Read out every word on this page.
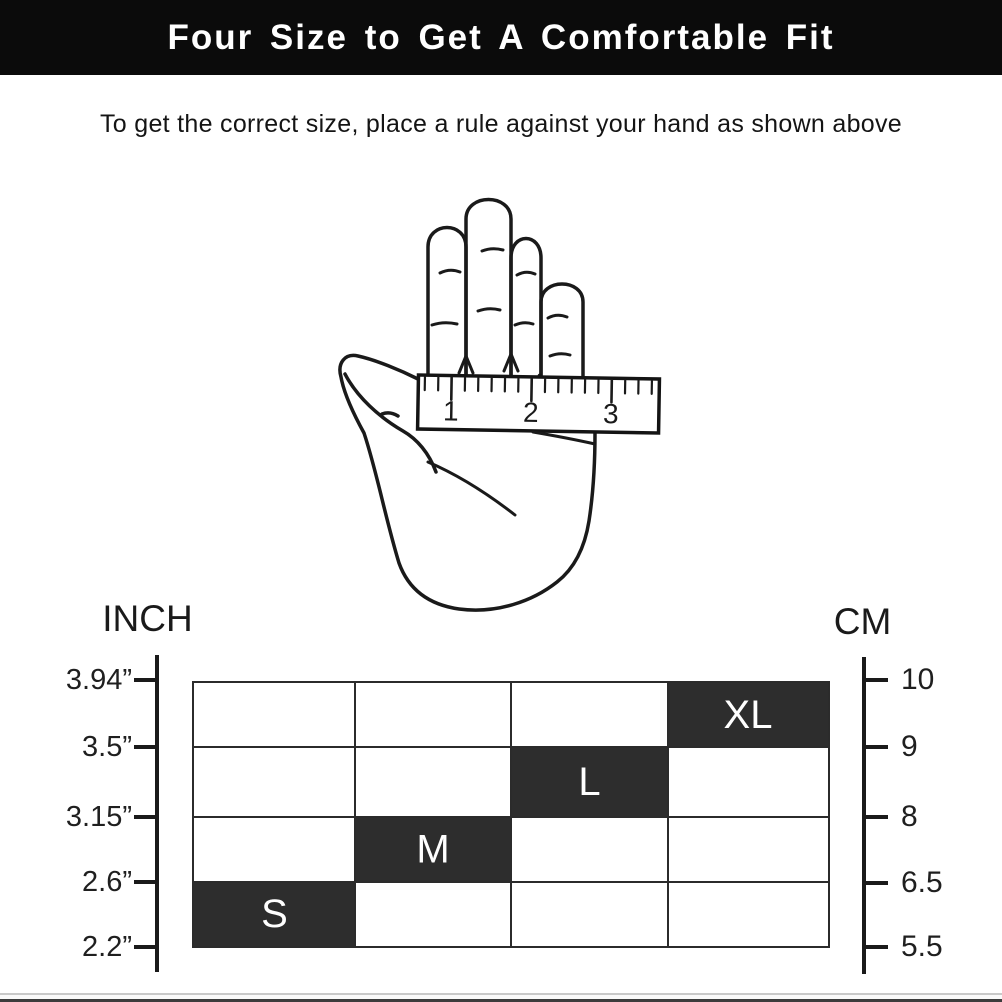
Four Size to Get A Comfortable Fit
To get the correct size, place a rule against your hand as shown above
1 2 3
INCH
3.94”
3.5”
3.15”
2.6”
2.2”
CM
10
9
8
6.5
5.5
XL
L
M
S
